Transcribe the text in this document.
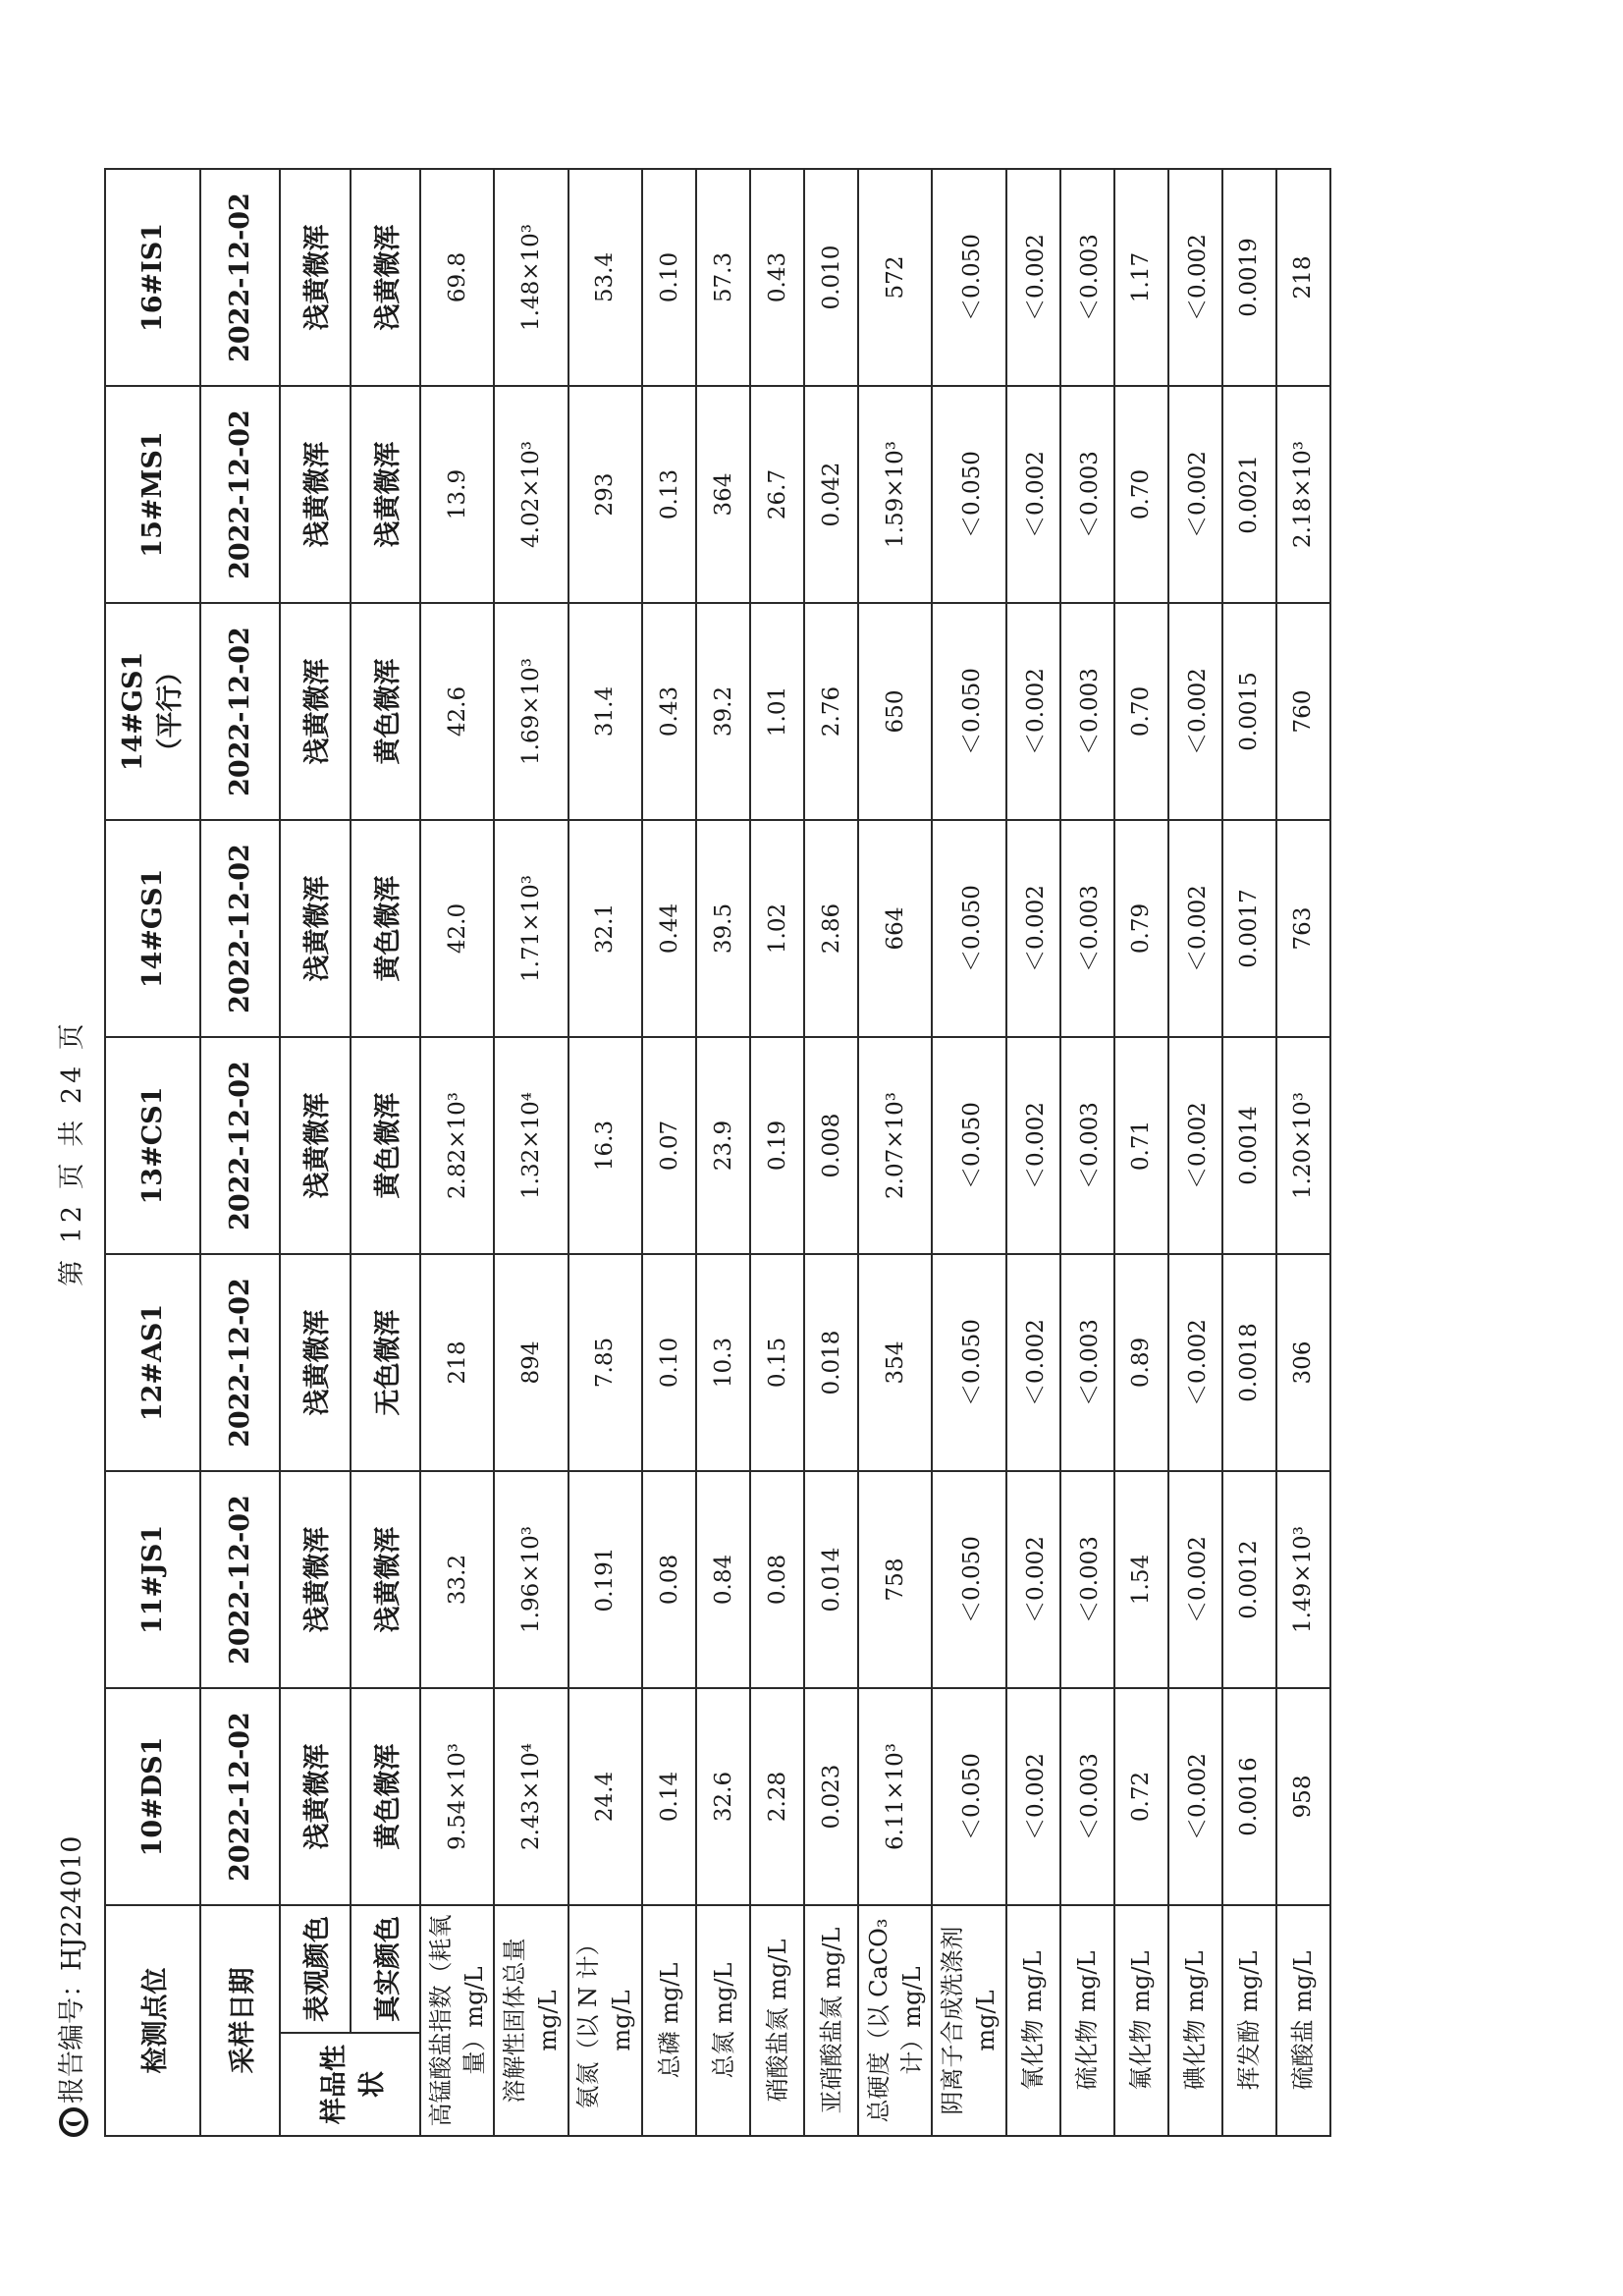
报告编号：HJ224010
第 12 页 共 24 页
检测点位		10#DS1	11#JS1	12#AS1	13#CS1	14#GS1	14#GS1 （平行）	15#MS1	16#IS1
采样日期		2022-12-02	2022-12-02	2022-12-02	2022-12-02	2022-12-02	2022-12-02	2022-12-02	2022-12-02
样品性状	表观颜色	浅黄微浑	浅黄微浑	浅黄微浑	浅黄微浑	浅黄微浑	浅黄微浑	浅黄微浑	浅黄微浑
	真实颜色	黄色微浑	浅黄微浑	无色微浑	黄色微浑	黄色微浑	黄色微浑	浅黄微浑	浅黄微浑
高锰酸盐指数（耗氧量）mg/L		9.54×10³	33.2	218	2.82×10³	42.0	42.6	13.9	69.8
溶解性固体总量 mg/L		2.43×10⁴	1.96×10³	894	1.32×10⁴	1.71×10³	1.69×10³	4.02×10³	1.48×10³
氨氮（以 N 计）mg/L		24.4	0.191	7.85	16.3	32.1	31.4	293	53.4
总磷 mg/L		0.14	0.08	0.10	0.07	0.44	0.43	0.13	0.10
总氮 mg/L		32.6	0.84	10.3	23.9	39.5	39.2	364	57.3
硝酸盐氮 mg/L		2.28	0.08	0.15	0.19	1.02	1.01	26.7	0.43
亚硝酸盐氮 mg/L		0.023	0.014	0.018	0.008	2.86	2.76	0.042	0.010
总硬度（以 CaCO₃ 计）mg/L		6.11×10³	758	354	2.07×10³	664	650	1.59×10³	572
阴离子合成洗涤剂 mg/L		＜0.050	＜0.050	＜0.050	＜0.050	＜0.050	＜0.050	＜0.050	＜0.050
氰化物 mg/L		＜0.002	＜0.002	＜0.002	＜0.002	＜0.002	＜0.002	＜0.002	＜0.002
硫化物 mg/L		＜0.003	＜0.003	＜0.003	＜0.003	＜0.003	＜0.003	＜0.003	＜0.003
氟化物 mg/L		0.72	1.54	0.89	0.71	0.79	0.70	0.70	1.17
碘化物 mg/L		＜0.002	＜0.002	＜0.002	＜0.002	＜0.002	＜0.002	＜0.002	＜0.002
挥发酚 mg/L		0.0016	0.0012	0.0018	0.0014	0.0017	0.0015	0.0021	0.0019
硫酸盐 mg/L		958	1.49×10³	306	1.20×10³	763	760	2.18×10³	218
